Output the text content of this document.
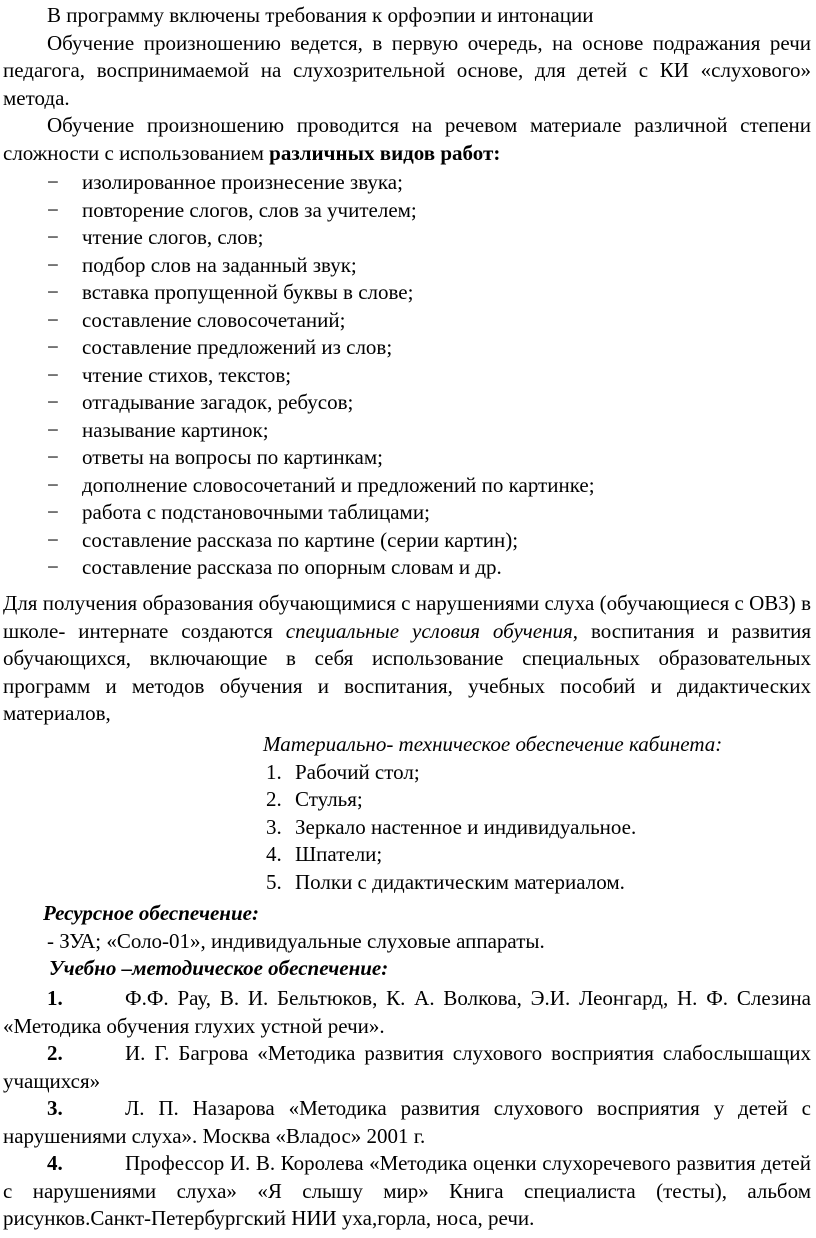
В программу включены требования к орфоэпии и интонации

Обучение произношению ведется, в первую очередь, на основе подражания речи педагога, воспринимаемой на слухозрительной основе, для детей с КИ «слухового» метода.

Обучение произношению проводится на речевом материале различной степени сложности с использованием различных видов работ:

− изолированное произнесение звука;
− повторение слогов, слов за учителем;
− чтение слогов, слов;
− подбор слов на заданный звук;
− вставка пропущенной буквы в слове;
− составление словосочетаний;
− составление предложений из слов;
− чтение стихов, текстов;
− отгадывание загадок, ребусов;
− называние картинок;
− ответы на вопросы по картинкам;
− дополнение словосочетаний и предложений по картинке;
− работа с подстановочными таблицами;
− составление рассказа по картине (серии картин);
− составление рассказа по опорным словам и др.

Для получения образования обучающимися с нарушениями слуха (обучающиеся с ОВЗ) в школе- интернате создаются специальные условия обучения, воспитания и развития обучающихся, включающие в себя использование специальных образовательных программ и методов обучения и воспитания, учебных пособий и дидактических материалов,

Материально- техническое обеспечение кабинета:

1. Рабочий стол;
2. Стулья;
3. Зеркало настенное и индивидуальное.
4. Шпатели;
5. Полки с дидактическим материалом.

Ресурсное обеспечение:

- ЗУА; «Соло-01», индивидуальные слуховые аппараты.

Учебно –методическое обеспечение:

1.	Ф.Ф. Рау, В. И. Бельтюков, К. А. Волкова, Э.И. Леонгард, Н. Ф. Слезина «Методика обучения глухих устной речи».

2.	И. Г. Багрова «Методика развития слухового восприятия слабослышащих учащихся»

3.	Л. П. Назарова «Методика развития слухового восприятия у детей с нарушениями слуха». Москва «Владос» 2001 г.

4.	Профессор И. В. Королева «Методика оценки слухоречевого развития детей с нарушениями слуха» «Я слышу мир» Книга специалиста (тесты), альбом рисунков.Санкт-Петербургский НИИ уха,горла, носа, речи.
